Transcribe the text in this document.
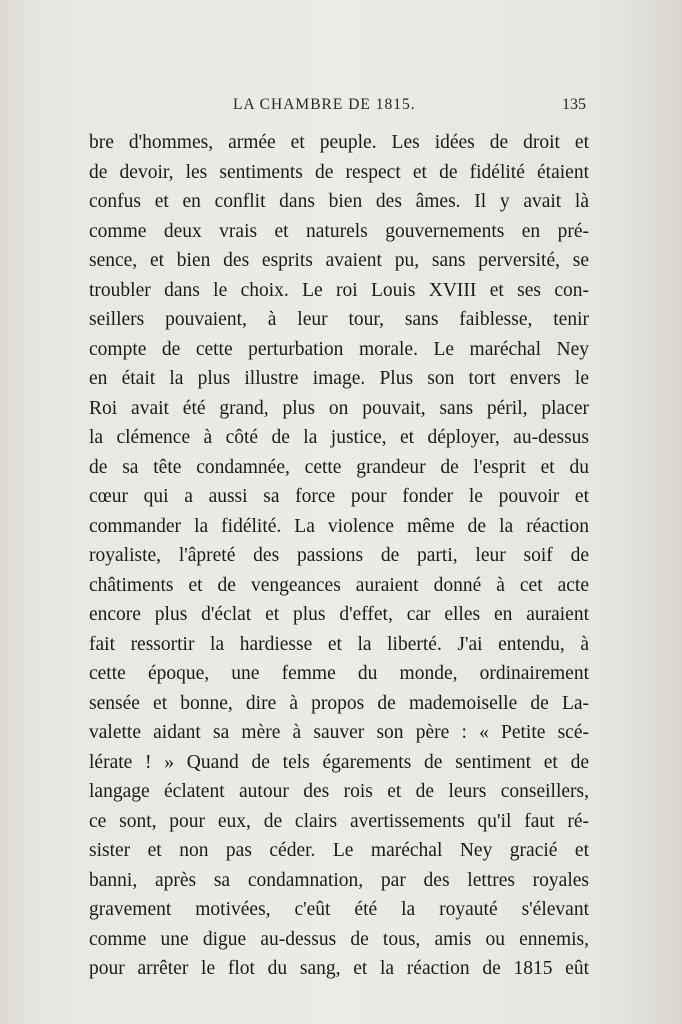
LA CHAMBRE DE 1815.	135
bre d'hommes, armée et peuple. Les idées de droit et
de devoir, les sentiments de respect et de fidélité étaient
confus et en conflit dans bien des âmes. Il y avait là
comme deux vrais et naturels gouvernements en pré-
sence, et bien des esprits avaient pu, sans perversité, se
troubler dans le choix. Le roi Louis XVIII et ses con-
seillers pouvaient, à leur tour, sans faiblesse, tenir
compte de cette perturbation morale. Le maréchal Ney
en était la plus illustre image. Plus son tort envers le
Roi avait été grand, plus on pouvait, sans péril, placer
la clémence à côté de la justice, et déployer, au-dessus
de sa tête condamnée, cette grandeur de l'esprit et du
cœur qui a aussi sa force pour fonder le pouvoir et
commander la fidélité. La violence même de la réaction
royaliste, l'âpreté des passions de parti, leur soif de
châtiments et de vengeances auraient donné à cet acte
encore plus d'éclat et plus d'effet, car elles en auraient
fait ressortir la hardiesse et la liberté. J'ai entendu, à
cette époque, une femme du monde, ordinairement
sensée et bonne, dire à propos de mademoiselle de La-
valette aidant sa mère à sauver son père : « Petite scé-
lérate ! » Quand de tels égarements de sentiment et de
langage éclatent autour des rois et de leurs conseillers,
ce sont, pour eux, de clairs avertissements qu'il faut ré-
sister et non pas céder. Le maréchal Ney gracié et
banni, après sa condamnation, par des lettres royales
gravement motivées, c'eût été la royauté s'élevant
comme une digue au-dessus de tous, amis ou ennemis,
pour arrêter le flot du sang, et la réaction de 1815 eût
